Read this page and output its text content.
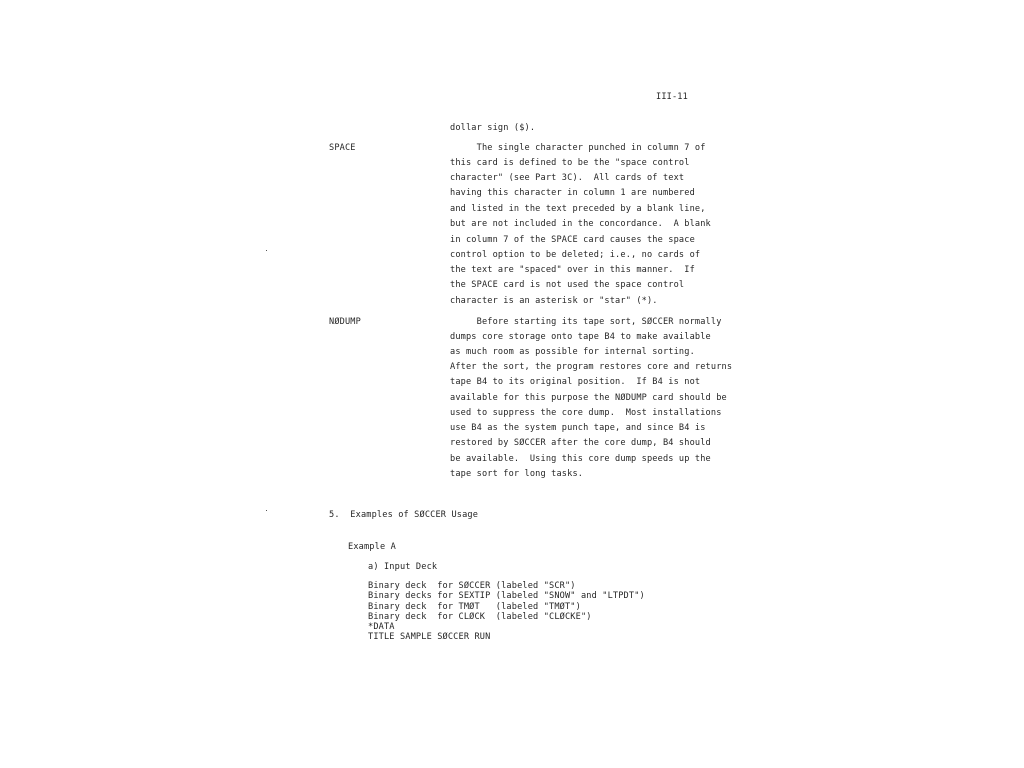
III-11
dollar sign ($).
SPACE	The single character punched in column 7 of
this card is defined to be the "space control
character" (see Part 3C).  All cards of text
having this character in column 1 are numbered
and listed in the text preceded by a blank line,
but are not included in the concordance.  A blank
in column 7 of the SPACE card causes the space
control option to be deleted; i.e., no cards of
the text are "spaced" over in this manner.  If
the SPACE card is not used the space control
character is an asterisk or "star" (*).
NØDUMP	Before starting its tape sort, SØCCER normally
dumps core storage onto tape B4 to make available
as much room as possible for internal sorting.
After the sort, the program restores core and returns
tape B4 to its original position.  If B4 is not
available for this purpose the NØDUMP card should be
used to suppress the core dump.  Most installations
use B4 as the system punch tape, and since B4 is
restored by SØCCER after the core dump, B4 should
be available.  Using this core dump speeds up the
tape sort for long tasks.
5.  Examples of SØCCER Usage
Example A
a) Input Deck
Binary deck  for SØCCER (labeled "SCR")
Binary decks for SEXTIP (labeled "SNOW" and "LTPDT")
Binary deck  for TMØT   (labeled "TMØT")
Binary deck  for CLØCK  (labeled "CLØCKE")
*DATA
TITLE SAMPLE SØCCER RUN
